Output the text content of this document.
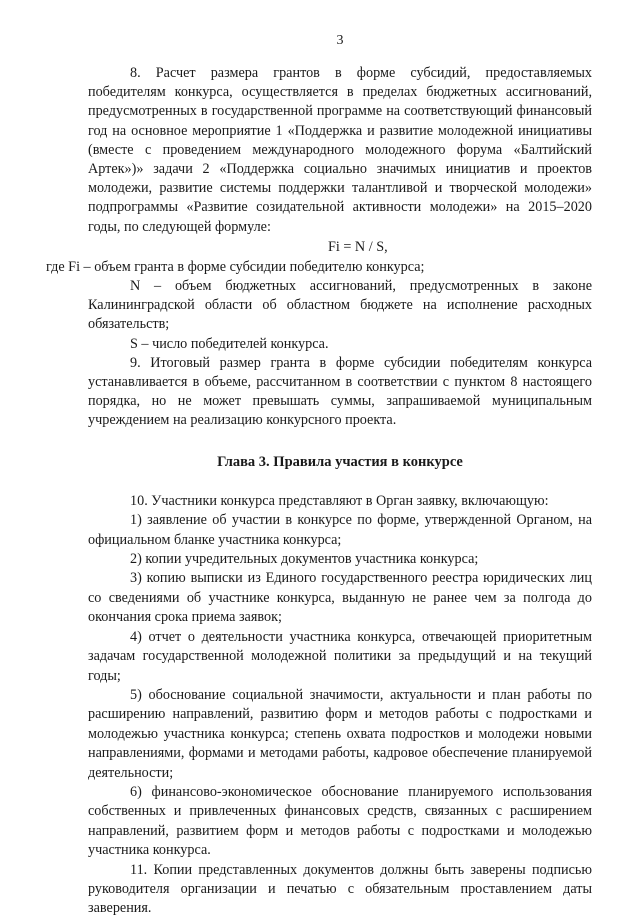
3

8. Расчет размера грантов в форме субсидий, предоставляемых победителям конкурса, осуществляется в пределах бюджетных ассигнований, предусмотренных в государственной программе на соответствующий финансовый год на основное мероприятие 1 «Поддержка и развитие молодежной инициативы (вместе с проведением международного молодежного форума «Балтийский Артек»)» задачи 2 «Поддержка социально значимых инициатив и проектов молодежи, развитие системы поддержки талантливой и творческой молодежи» подпрограммы «Развитие созидательной активности молодежи» на 2015–2020 годы, по следующей формуле:

Fi = N / S,

где Fi – объем гранта в форме субсидии победителю конкурса;

N – объем бюджетных ассигнований, предусмотренных в законе Калининградской области об областном бюджете на исполнение расходных обязательств;

S – число победителей конкурса.

9. Итоговый размер гранта в форме субсидии победителям конкурса устанавливается в объеме, рассчитанном в соответствии с пунктом 8 настоящего порядка, но не может превышать суммы, запрашиваемой муниципальным учреждением на реализацию конкурсного проекта.

Глава 3. Правила участия в конкурсе

10. Участники конкурса представляют в Орган заявку, включающую:

1) заявление об участии в конкурсе по форме, утвержденной Органом, на официальном бланке участника конкурса;

2) копии учредительных документов участника конкурса;

3) копию выписки из Единого государственного реестра юридических лиц со сведениями об участнике конкурса, выданную не ранее чем за полгода до окончания срока приема заявок;

4) отчет о деятельности участника конкурса, отвечающей приоритетным задачам государственной молодежной политики за предыдущий и на текущий годы;

5) обоснование социальной значимости, актуальности и план работы по расширению направлений, развитию форм и методов работы с подростками и молодежью участника конкурса; степень охвата подростков и молодежи новыми направлениями, формами и методами работы, кадровое обеспечение планируемой деятельности;

6) финансово-экономическое обоснование планируемого использования собственных и привлеченных финансовых средств, связанных с расширением направлений, развитием форм и методов работы с подростками и молодежью участника конкурса.

11. Копии представленных документов должны быть заверены подписью руководителя организации и печатью с обязательным проставлением даты заверения.
